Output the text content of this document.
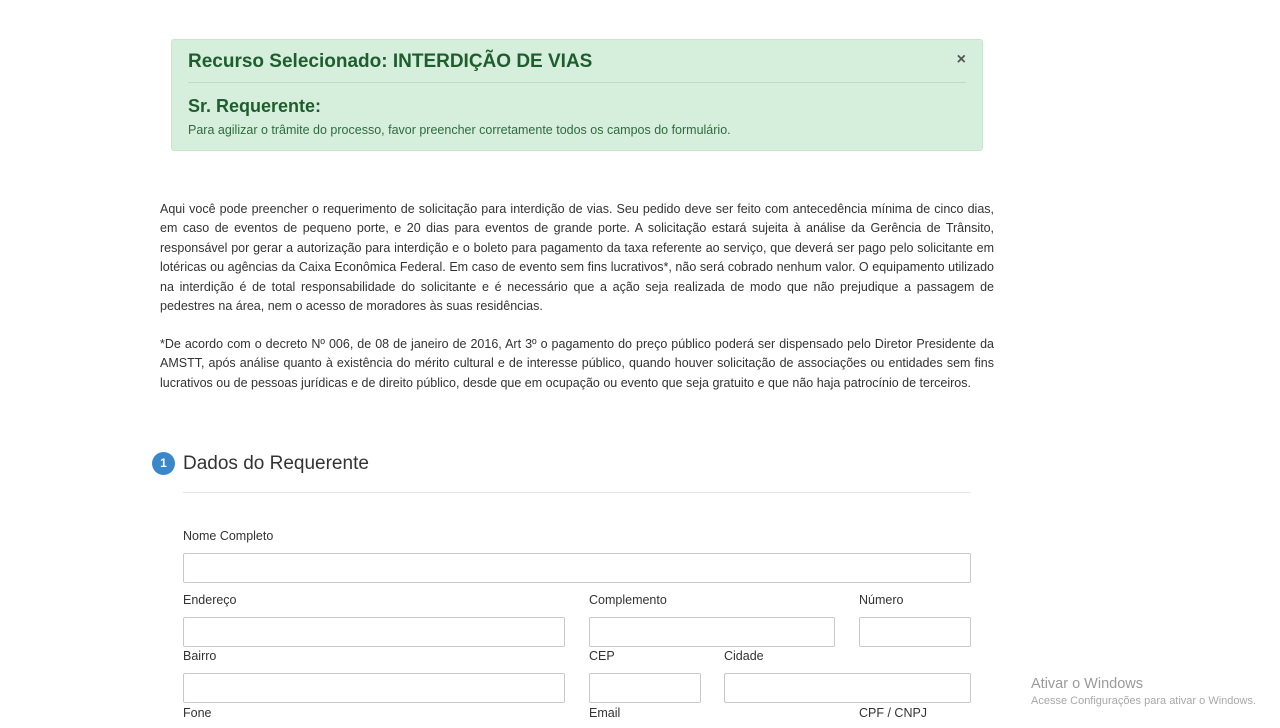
Recurso Selecionado: INTERDIÇÃO DE VIAS	×
Sr. Requerente:
Para agilizar o trâmite do processo, favor preencher corretamente todos os campos do formulário.
Aqui você pode preencher o requerimento de solicitação para interdição de vias. Seu pedido deve ser feito com antecedência mínima de cinco dias, em caso de eventos de pequeno porte, e 20 dias para eventos de grande porte. A solicitação estará sujeita à análise da Gerência de Trânsito, responsável por gerar a autorização para interdição e o boleto para pagamento da taxa referente ao serviço, que deverá ser pago pelo solicitante em lotéricas ou agências da Caixa Econômica Federal. Em caso de evento sem fins lucrativos*, não será cobrado nenhum valor. O equipamento utilizado na interdição é de total responsabilidade do solicitante e é necessário que a ação seja realizada de modo que não prejudique a passagem de pedestres na área, nem o acesso de moradores às suas residências.
*De acordo com o decreto Nº 006, de 08 de janeiro de 2016, Art 3º o pagamento do preço público poderá ser dispensado pelo Diretor Presidente da AMSTT, após análise quanto à existência do mérito cultural e de interesse público, quando houver solicitação de associações ou entidades sem fins lucrativos ou de pessoas jurídicas e de direito público, desde que em ocupação ou evento que seja gratuito e que não haja patrocínio de terceiros.
1 Dados do Requerente
Nome Completo
Endereço	Complemento	Número
Bairro	CEP	Cidade
Fone	Email	CPF / CNPJ
Ativar o Windows
Acesse Configurações para ativar o Windows.
